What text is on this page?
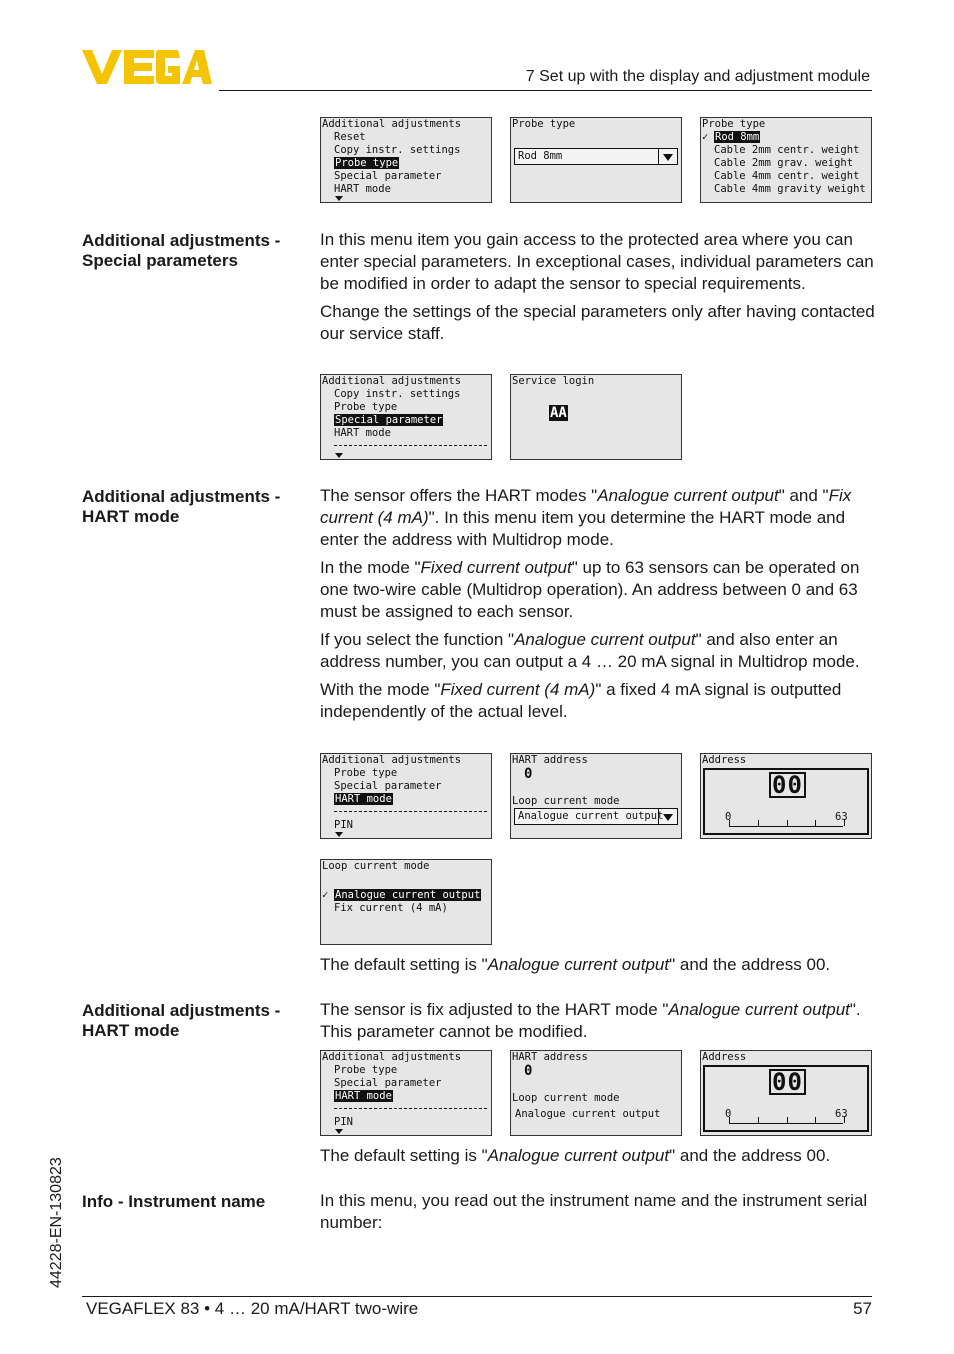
7 Set up with the display and adjustment module
Additional adjustments
Reset
Copy instr. settings
Probe type
Special parameter
HART mode
Probe type
Rod 8mm
Probe type
✓ Rod 8mm
Cable 2mm centr. weight
Cable 2mm grav. weight
Cable 4mm centr. weight
Cable 4mm gravity weight
Additional adjustments -
Special parameters

In this menu item you gain access to the protected area where you can enter special parameters. In exceptional cases, individual parameters can be modified in order to adapt the sensor to special requirements.

Change the settings of the special parameters only after having contacted our service staff.

Additional adjustments
Copy instr. settings
Probe type
Special parameter
HART mode
Service login
AA
Additional adjustments -
HART mode

The sensor offers the HART modes "Analogue current output" and "Fix current (4 mA)". In this menu item you determine the HART mode and enter the address with Multidrop mode.

In the mode "Fixed current output" up to 63 sensors can be operated on one two-wire cable (Multidrop operation). An address between 0 and 63 must be assigned to each sensor.

If you select the function "Analogue current output" and also enter an address number, you can output a 4 … 20 mA signal in Multidrop mode.

With the mode "Fixed current (4 mA)" a fixed 4 mA signal is outputted independently of the actual level.

Additional adjustments
Probe type
Special parameter
HART mode
PIN
HART address
0
Loop current mode
Analogue current output
Address
00
0	63
Loop current mode
✓ Analogue current output
Fix current (4 mA)

The default setting is "Analogue current output" and the address 00.

Additional adjustments -
HART mode

The sensor is fix adjusted to the HART mode "Analogue current output". This parameter cannot be modified.

Additional adjustments
Probe type
Special parameter
HART mode
PIN
HART address
0
Loop current mode
Analogue current output
Address
00
0	63

The default setting is "Analogue current output" and the address 00.

Info - Instrument name	In this menu, you read out the instrument name and the instrument serial number:

44228-EN-130823
VEGAFLEX 83 • 4 … 20 mA/HART two-wire	57
